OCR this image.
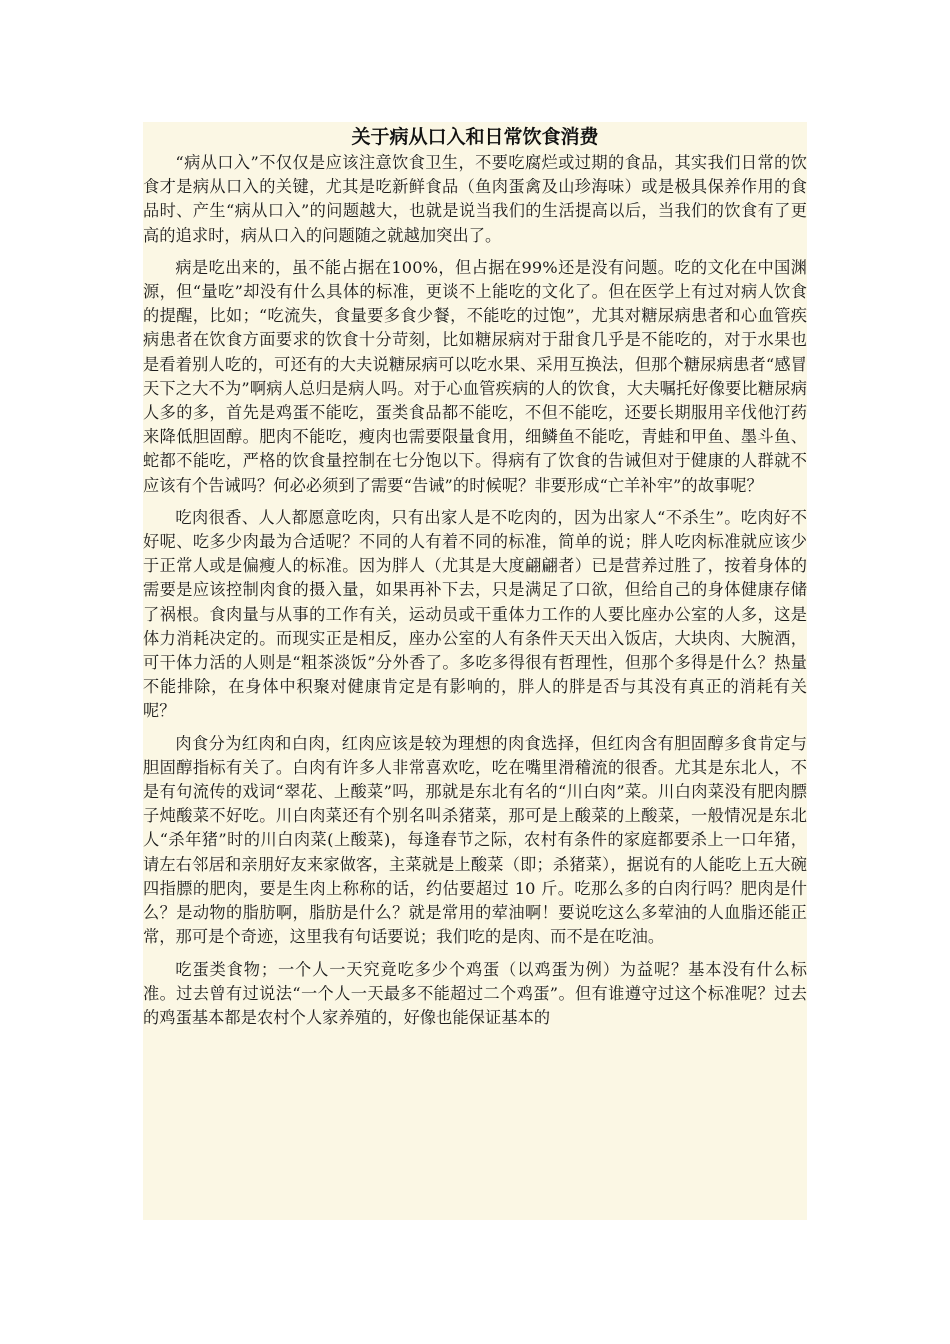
关于病从口入和日常饮食消费

“病从口入”不仅仅是应该注意饮食卫生，不要吃腐烂或过期的食品，其实我们日常的饮食才是病从口入的关键，尤其是吃新鲜食品（鱼肉蛋禽及山珍海味）或是极具保养作用的食品时、产生“病从口入”的问题越大，也就是说当我们的生活提高以后，当我们的饮食有了更高的追求时，病从口入的问题随之就越加突出了。

病是吃出来的，虽不能占据在100%，但占据在99%还是没有问题。吃的文化在中国渊源，但“量吃”却没有什么具体的标准，更谈不上能吃的文化了。但在医学上有过对病人饮食的提醒，比如；“吃流失，食量要多食少餐，不能吃的过饱”，尤其对糖尿病患者和心血管疾病患者在饮食方面要求的饮食十分苛刻，比如糖尿病对于甜食几乎是不能吃的，对于水果也是看着别人吃的，可还有的大夫说糖尿病可以吃水果、采用互换法，但那个糖尿病患者“感冒天下之大不为”啊病人总归是病人吗。对于心血管疾病的人的饮食，大夫嘱托好像要比糖尿病人多的多，首先是鸡蛋不能吃，蛋类食品都不能吃，不但不能吃，还要长期服用辛伐他汀药来降低胆固醇。肥肉不能吃，瘦肉也需要限量食用，细鳞鱼不能吃，青蛙和甲鱼、墨斗鱼、蛇都不能吃，严格的饮食量控制在七分饱以下。得病有了饮食的告诫但对于健康的人群就不应该有个告诫吗？何必必须到了需要“告诫”的时候呢？非要形成“亡羊补牢”的故事呢？

吃肉很香、人人都愿意吃肉，只有出家人是不吃肉的，因为出家人“不杀生”。吃肉好不好呢、吃多少肉最为合适呢？不同的人有着不同的标准，简单的说；胖人吃肉标准就应该少于正常人或是偏瘦人的标准。因为胖人（尤其是大度翩翩者）已是营养过胜了，按着身体的需要是应该控制肉食的摄入量，如果再补下去，只是满足了口欲，但给自己的身体健康存储了祸根。食肉量与从事的工作有关，运动员或干重体力工作的人要比座办公室的人多，这是体力消耗决定的。而现实正是相反，座办公室的人有条件天天出入饭店，大块肉、大腕酒，可干体力活的人则是“粗茶淡饭”分外香了。多吃多得很有哲理性，但那个多得是什么？热量不能排除，在身体中积聚对健康肯定是有影响的，胖人的胖是否与其没有真正的消耗有关呢？

肉食分为红肉和白肉，红肉应该是较为理想的肉食选择，但红肉含有胆固醇多食肯定与胆固醇指标有关了。白肉有许多人非常喜欢吃，吃在嘴里滑稽流的很香。尤其是东北人，不是有句流传的戏词“翠花、上酸菜”吗，那就是东北有名的“川白肉”菜。川白肉菜没有肥肉膘子炖酸菜不好吃。川白肉菜还有个别名叫杀猪菜，那可是上酸菜的上酸菜，一般情况是东北人“杀年猪”时的川白肉菜(上酸菜)，每逢春节之际，农村有条件的家庭都要杀上一口年猪，请左右邻居和亲朋好友来家做客，主菜就是上酸菜（即；杀猪菜），据说有的人能吃上五大碗四指膘的肥肉，要是生肉上称称的话，约估要超过 10 斤。吃那么多的白肉行吗？肥肉是什么？是动物的脂肪啊，脂肪是什么？就是常用的荤油啊！要说吃这么多荤油的人血脂还能正常，那可是个奇迹，这里我有句话要说；我们吃的是肉、而不是在吃油。

吃蛋类食物；一个人一天究竟吃多少个鸡蛋（以鸡蛋为例）为益呢？基本没有什么标准。过去曾有过说法“一个人一天最多不能超过二个鸡蛋”。但有谁遵守过这个标准呢？过去的鸡蛋基本都是农村个人家养殖的，好像也能保证基本的
